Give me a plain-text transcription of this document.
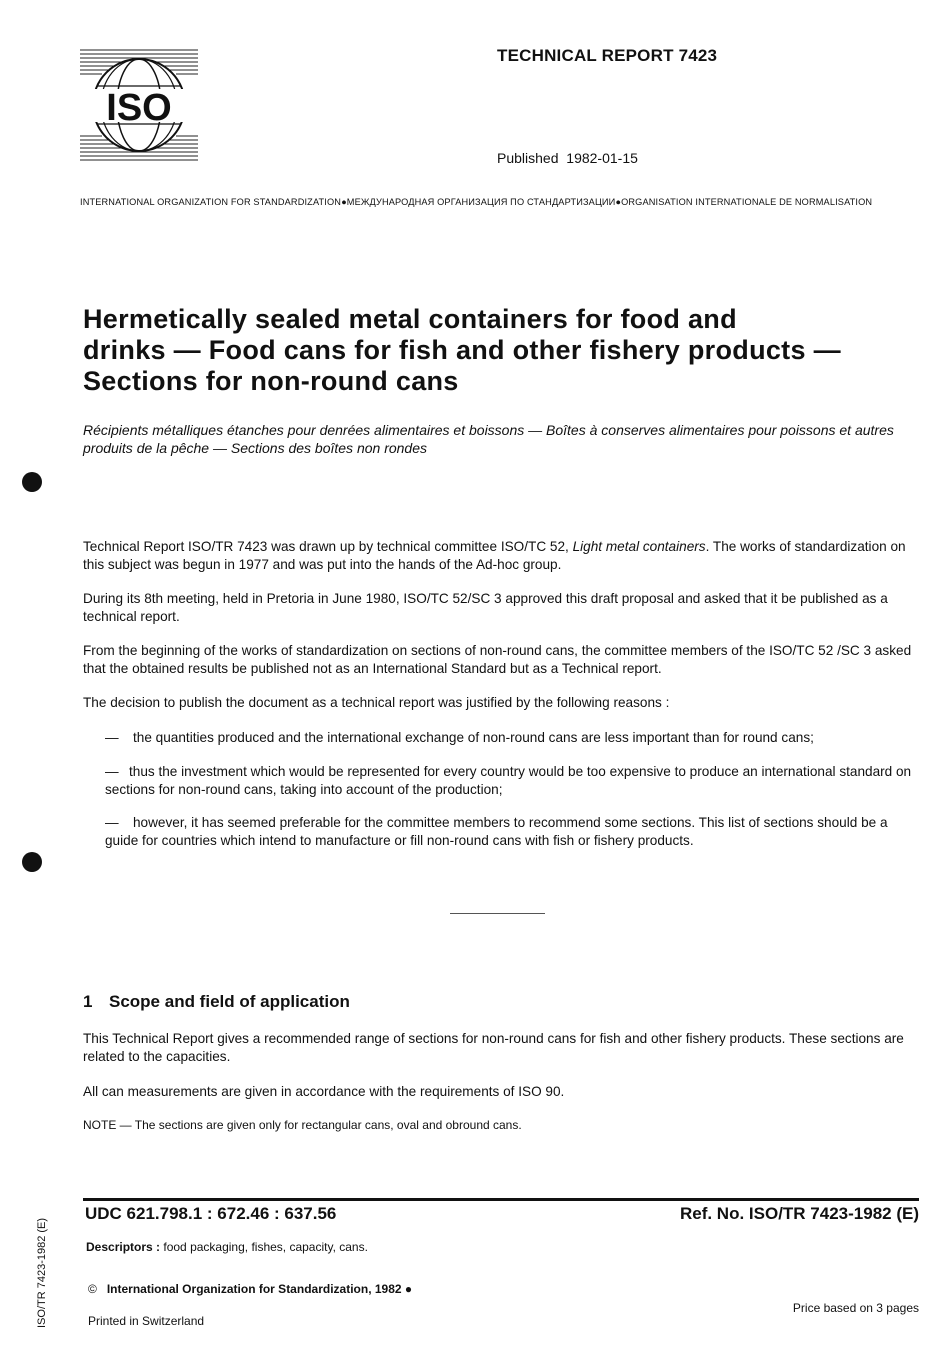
ISO
TECHNICAL REPORT 7423
Published 1982-01-15
INTERNATIONAL ORGANIZATION FOR STANDARDIZATION●МЕЖДУНАРОДНАЯ ОРГАНИЗАЦИЯ ПО СТАНДАРТИЗАЦИИ●ORGANISATION INTERNATIONALE DE NORMALISATION
Hermetically sealed metal containers for food and
drinks — Food cans for fish and other fishery products —
Sections for non-round cans
Récipients métalliques étanches pour denrées alimentaires et boissons — Boîtes à conserves alimentaires pour poissons et autres produits de la pêche — Sections des boîtes non rondes

Technical Report ISO/TR 7423 was drawn up by technical committee ISO/TC 52, Light metal containers. The works of standardization on this subject was begun in 1977 and was put into the hands of the Ad-hoc group.

During its 8th meeting, held in Pretoria in June 1980, ISO/TC 52/SC 3 approved this draft proposal and asked that it be published as a technical report.
From the beginning of the works of standardization on sections of non-round cans, the committee members of the ISO/TC 52 /SC 3 asked that the obtained results be published not as an International Standard but as a Technical report.
The decision to publish the document as a technical report was justified by the following reasons :
— the quantities produced and the international exchange of non-round cans are less important than for round cans;
— thus the investment which would be represented for every country would be too expensive to produce an international standard on sections for non-round cans, taking into account of the production;
— however, it has seemed preferable for the committee members to recommend some sections. This list of sections should be a guide for countries which intend to manufacture or fill non-round cans with fish or fishery products.
1 Scope and field of application
This Technical Report gives a recommended range of sections for non-round cans for fish and other fishery products. These sections are related to the capacities.
All can measurements are given in accordance with the requirements of ISO 90.
NOTE — The sections are given only for rectangular cans, oval and obround cans.
UDC 621.798.1 : 672.46 : 637.56	Ref. No. ISO/TR 7423-1982 (E)
Descriptors : food packaging, fishes, capacity, cans.
© International Organization for Standardization, 1982 ●
Price based on 3 pages
Printed in Switzerland
ISO/TR 7423-1982 (E)
